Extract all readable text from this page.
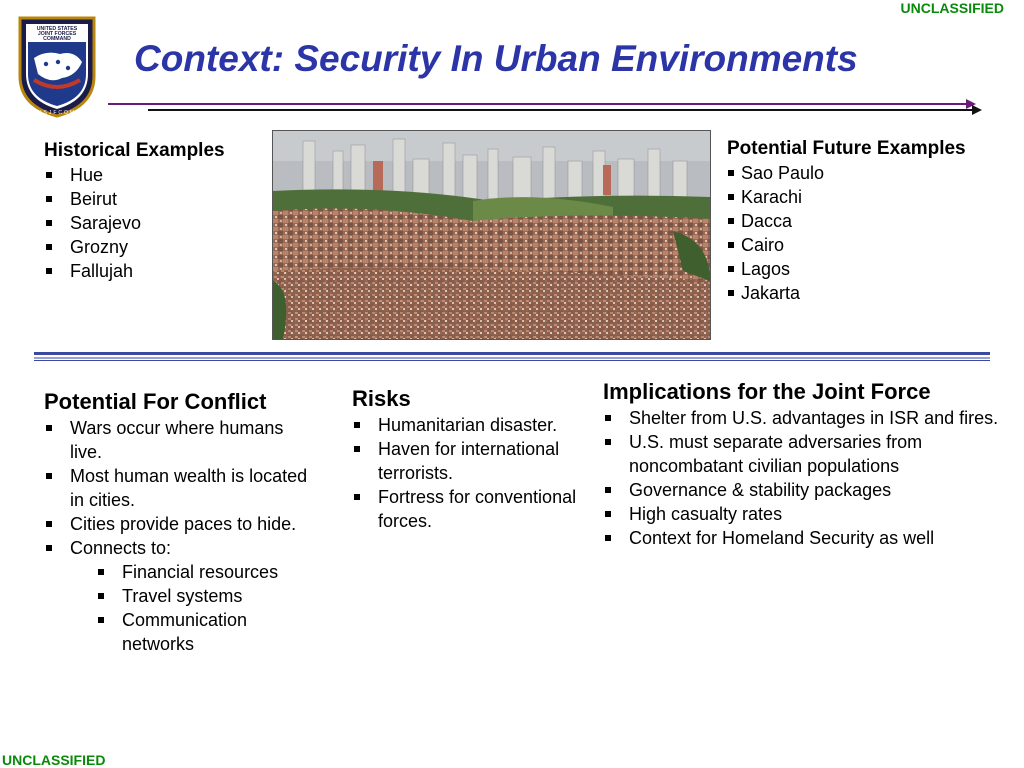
UNCLASSIFIED
UNITED STATES
JOINT FORCES
COMMAND
USJFCOM
Context: Security In Urban Environments
Historical Examples
Hue
Beirut
Sarajevo
Grozny
Fallujah
Potential Future Examples
Sao Paulo
Karachi
Dacca
Cairo
Lagos
Jakarta
Potential For Conflict
Wars occur where humans live.
Most human wealth is located in cities.
Cities provide paces to hide.
Connects to:
Financial resources
Travel systems
Communication networks
Risks
Humanitarian disaster.
Haven for international terrorists.
Fortress for conventional forces.
Implications for the Joint Force
Shelter from U.S. advantages in ISR and fires.
U.S. must separate adversaries from noncombatant civilian populations
Governance & stability packages
High casualty rates
Context for Homeland Security as well
UNCLASSIFIED
